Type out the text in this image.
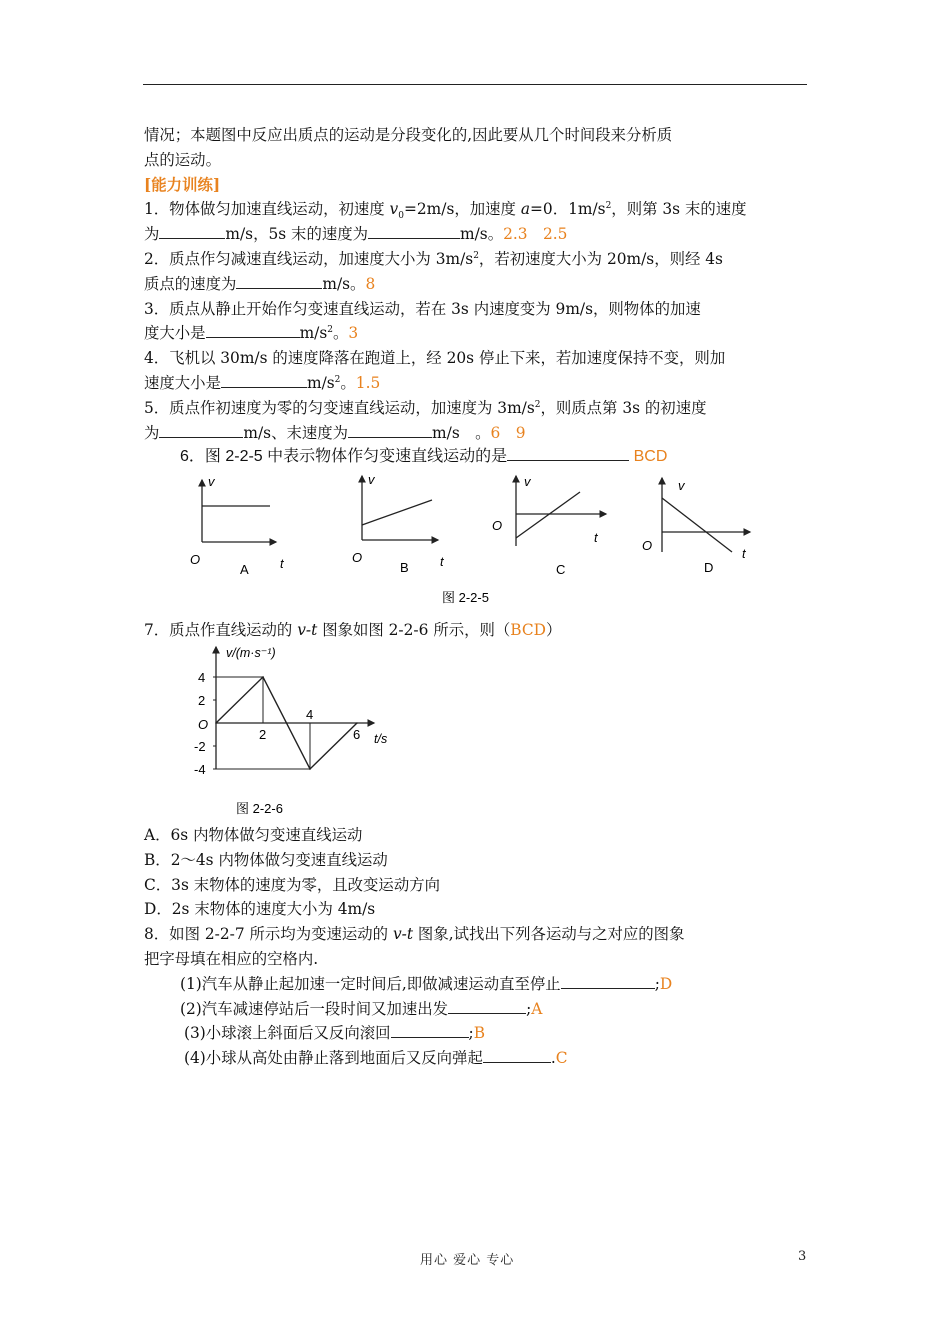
情况；本题图中反应出质点的运动是分段变化的,因此要从几个时间段来分析质

点的运动。

[能力训练]

1．物体做匀加速直线运动，初速度 $v_0=2m/s$，加速度 a=0．$1m/s^2$，则第 3s 末的速度

为	m/s，5s 末的速度为	m/s。2.3　2.5

2．质点作匀减速直线运动，加速度大小为 $3m/s^2$，若初速度大小为 20m/s，则经 4s

质点的速度为	m/s。8

3．质点从静止开始作匀变速直线运动，若在 3s 内速度变为 9m/s，则物体的加速

度大小是	$m/s^2$。3

4．飞机以 30m/s 的速度降落在跑道上，经 20s 停止下来，若加速度保持不变，则加

速度大小是	$m/s^2$。1.5

5．质点作初速度为零的匀变速直线运动，加速度为 $3m/s^2$，则质点第 3s 的初速度

为	m/s、末速度为	m/s　。6　9

6．图 2-2-5 中表示物体作匀变速直线运动的是	BCD

v
t
O
A
v
t
O
B
v
t
O
C
v
t
O
D
图 2-2-5

7．质点作直线运动的 v-t 图象如图 2-2-6 所示，则（BCD）

v/(m·s⁻¹)
t/s
O
4
2
-2
-4
2
4
6
图 2-2-6

A．6s 内物体做匀变速直线运动

B．2～4s 内物体做匀变速直线运动

C．3s 末物体的速度为零，且改变运动方向

D．2s 末物体的速度大小为 4m/s

8．如图 2-2-7 所示均为变速运动的 v-t 图象,试找出下列各运动与之对应的图象

把字母填在相应的空格内.

(1)汽车从静止起加速一定时间后,即做减速运动直至停止	;D

(2)汽车减速停站后一段时间又加速出发	;A

(3)小球滚上斜面后又反向滚回	;B

(4)小球从高处由静止落到地面后又反向弹起	.C

用心 爱心 专心	3
